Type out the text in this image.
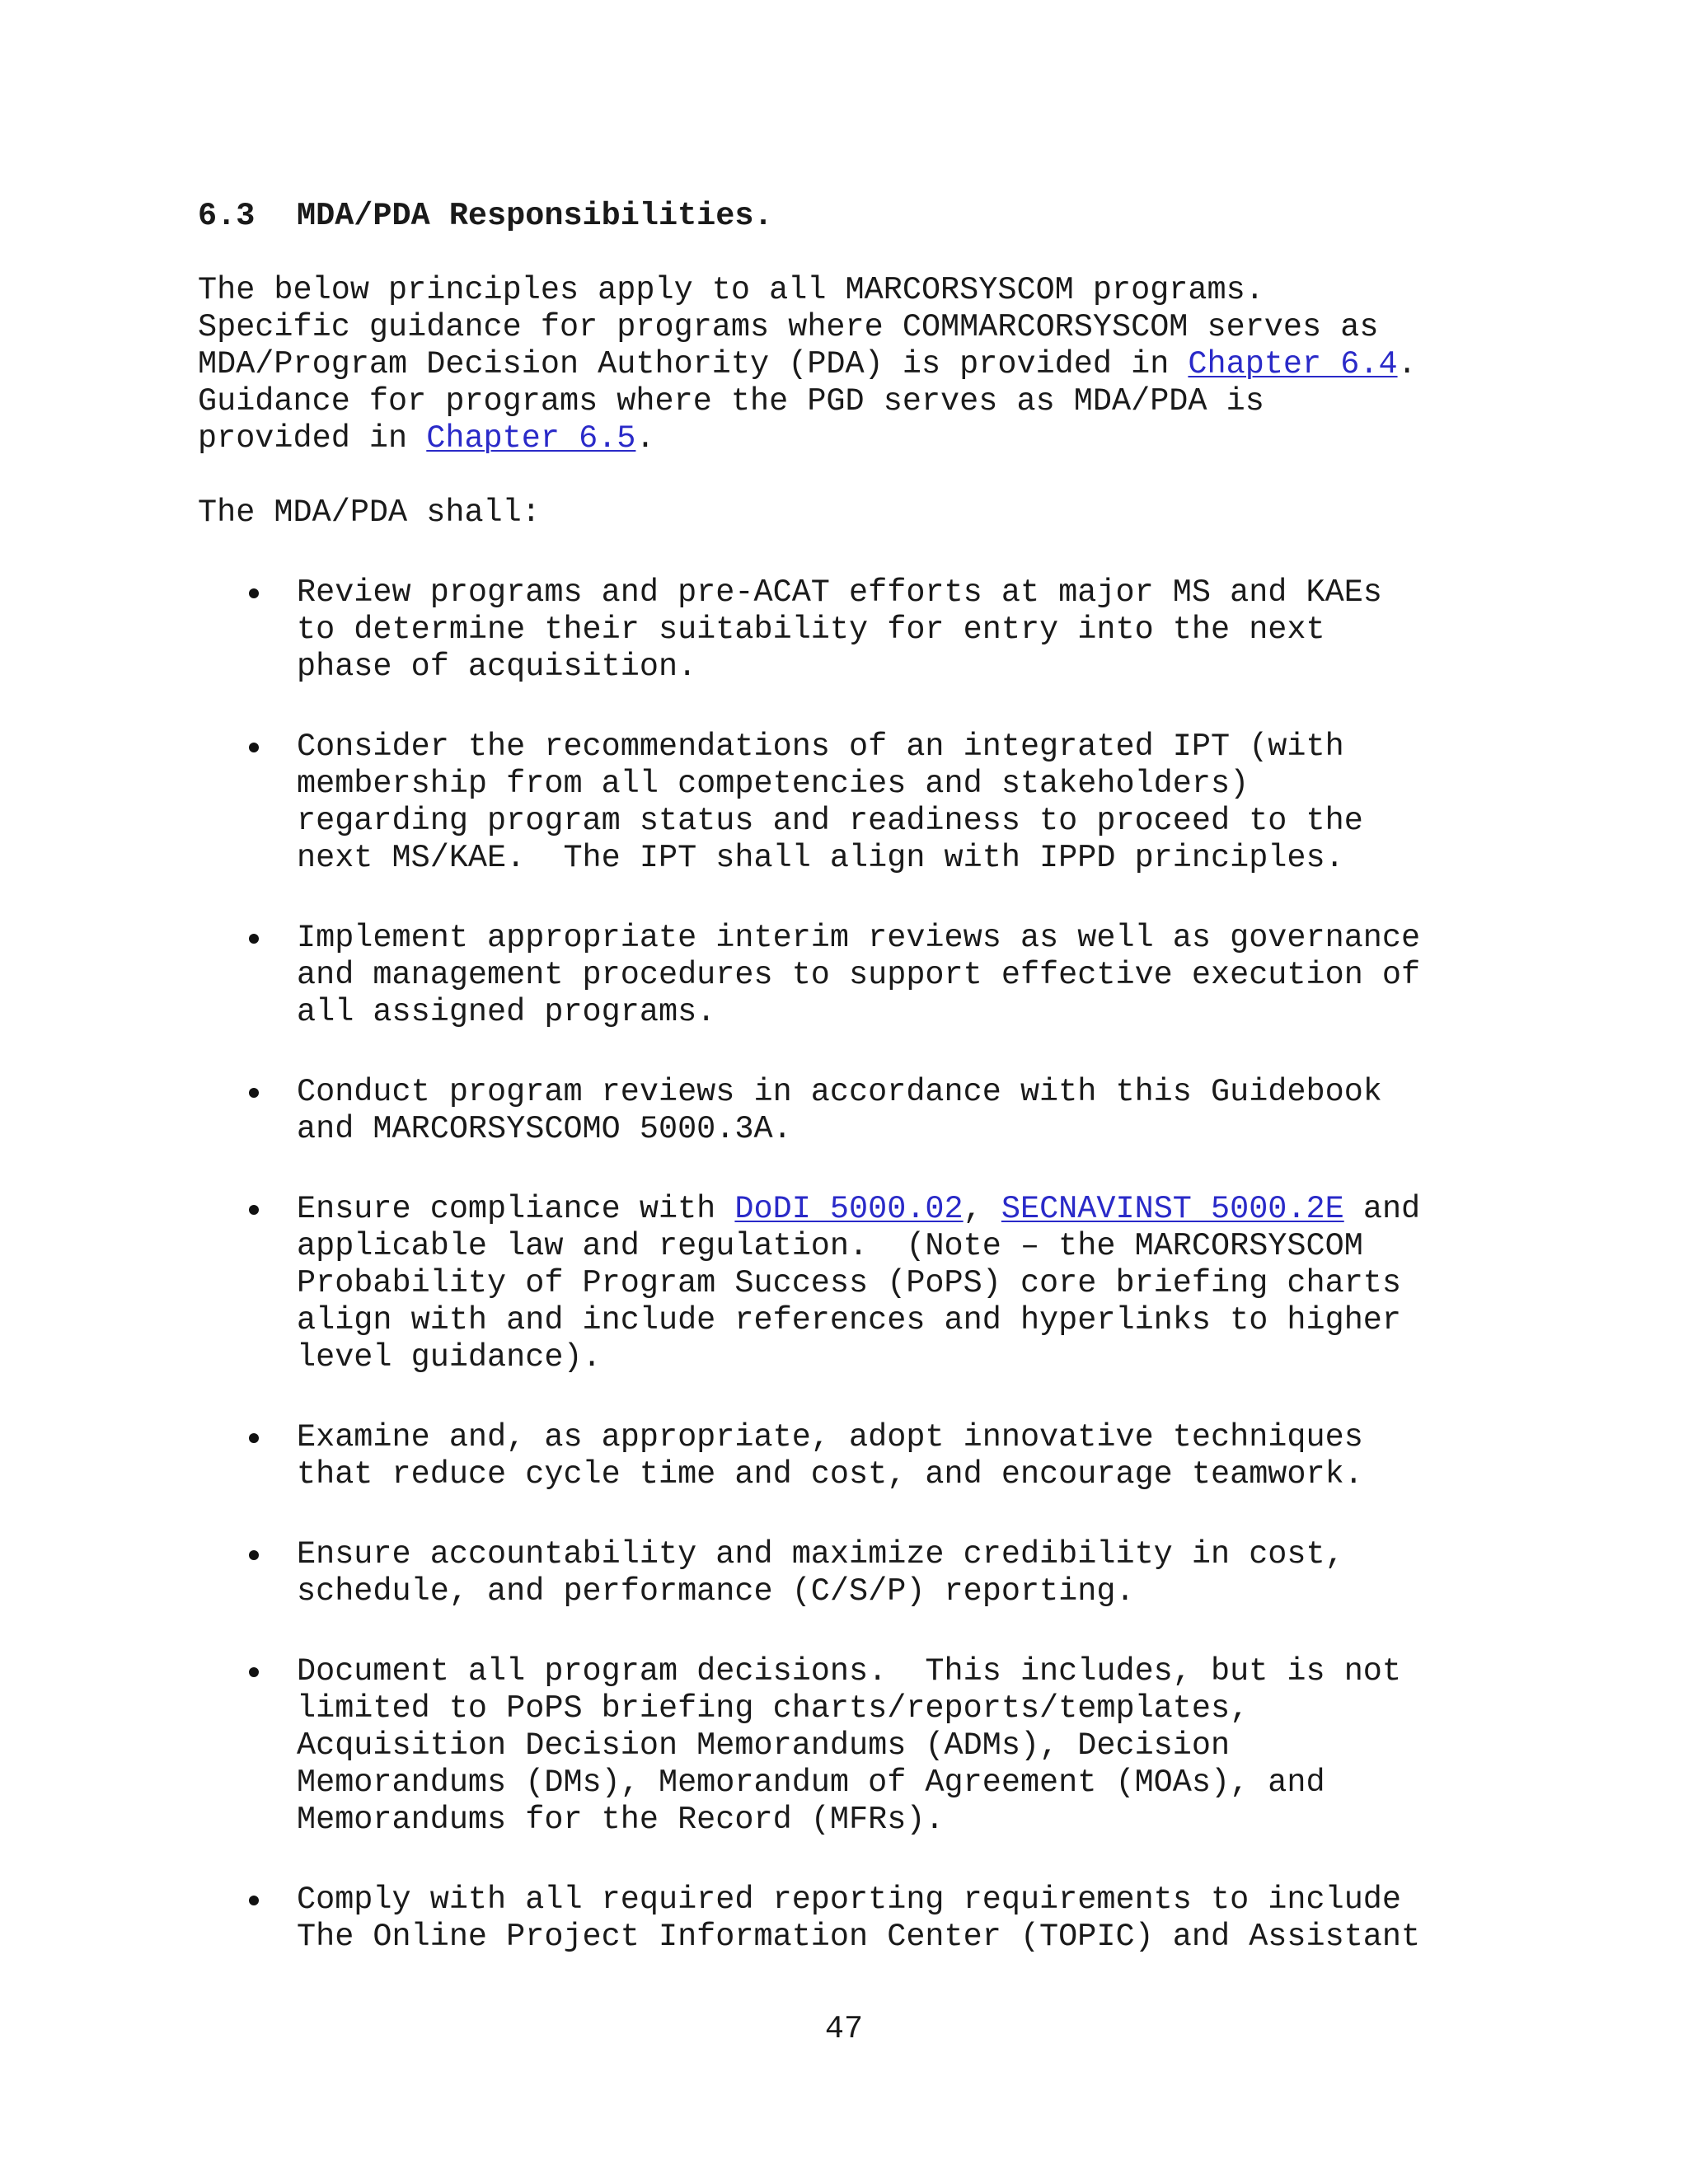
6.3 MDA/PDA Responsibilities.
The below principles apply to all MARCORSYSCOM programs.
Specific guidance for programs where COMMARCORSYSCOM serves as
MDA/Program Decision Authority (PDA) is provided in Chapter 6.4.
Guidance for programs where the PGD serves as MDA/PDA is
provided in Chapter 6.5.
The MDA/PDA shall:
Review programs and pre-ACAT efforts at major MS and KAEs
to determine their suitability for entry into the next
phase of acquisition.
Consider the recommendations of an integrated IPT (with
membership from all competencies and stakeholders)
regarding program status and readiness to proceed to the
next MS/KAE.  The IPT shall align with IPPD principles.
Implement appropriate interim reviews as well as governance
and management procedures to support effective execution of
all assigned programs.
Conduct program reviews in accordance with this Guidebook
and MARCORSYSCOMO 5000.3A.
Ensure compliance with DoDI 5000.02, SECNAVINST 5000.2E and
applicable law and regulation.  (Note – the MARCORSYSCOM
Probability of Program Success (PoPS) core briefing charts
align with and include references and hyperlinks to higher
level guidance).
Examine and, as appropriate, adopt innovative techniques
that reduce cycle time and cost, and encourage teamwork.
Ensure accountability and maximize credibility in cost,
schedule, and performance (C/S/P) reporting.
Document all program decisions.  This includes, but is not
limited to PoPS briefing charts/reports/templates,
Acquisition Decision Memorandums (ADMs), Decision
Memorandums (DMs), Memorandum of Agreement (MOAs), and
Memorandums for the Record (MFRs).
Comply with all required reporting requirements to include
The Online Project Information Center (TOPIC) and Assistant
47
